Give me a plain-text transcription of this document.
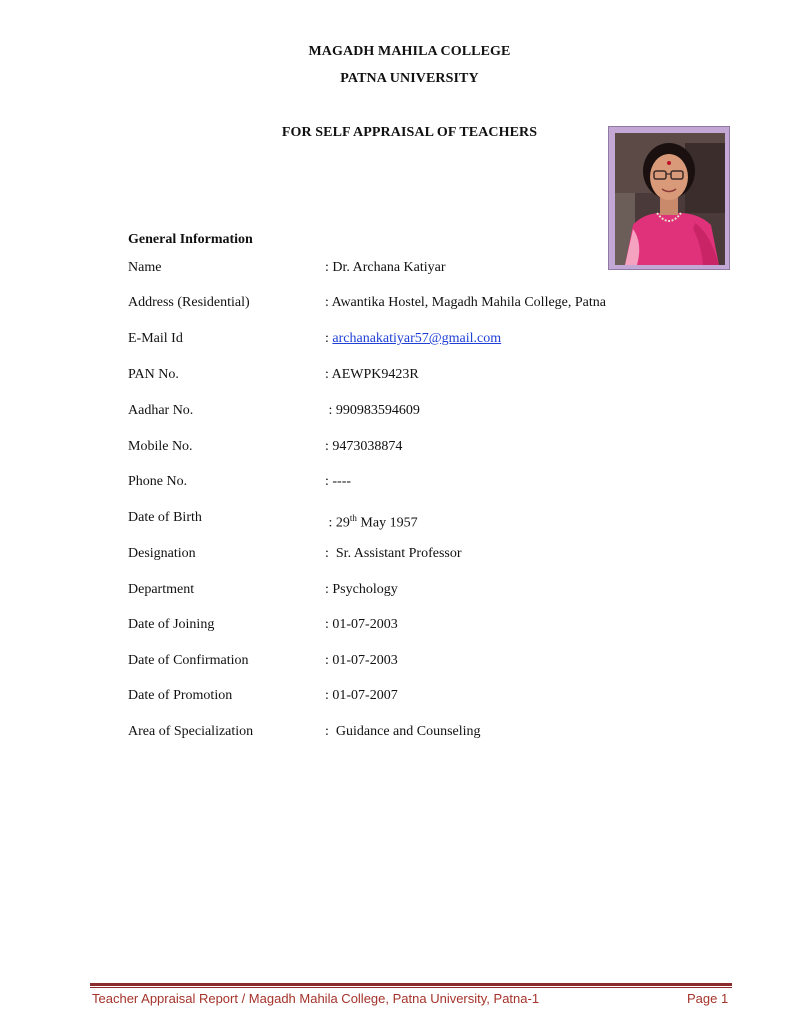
MAGADH MAHILA COLLEGE
PATNA UNIVERSITY
FOR SELF APPRAISAL OF TEACHERS
General Information
Name	: Dr. Archana Katiyar
Address (Residential)	: Awantika Hostel, Magadh Mahila College, Patna
E-Mail Id	: archanakatiyar57@gmail.com
PAN No.	: AEWPK9423R
Aadhar No.	: 990983594609
Mobile No.	: 9473038874
Phone No.	: ----
Date of Birth	: 29th May 1957
Designation	:  Sr. Assistant Professor
Department	: Psychology
Date of Joining	: 01-07-2003
Date of Confirmation	: 01-07-2003
Date of Promotion	: 01-07-2007
Area of Specialization	:  Guidance and Counseling
Teacher Appraisal Report / Magadh Mahila College, Patna University, Patna-1	Page 1
